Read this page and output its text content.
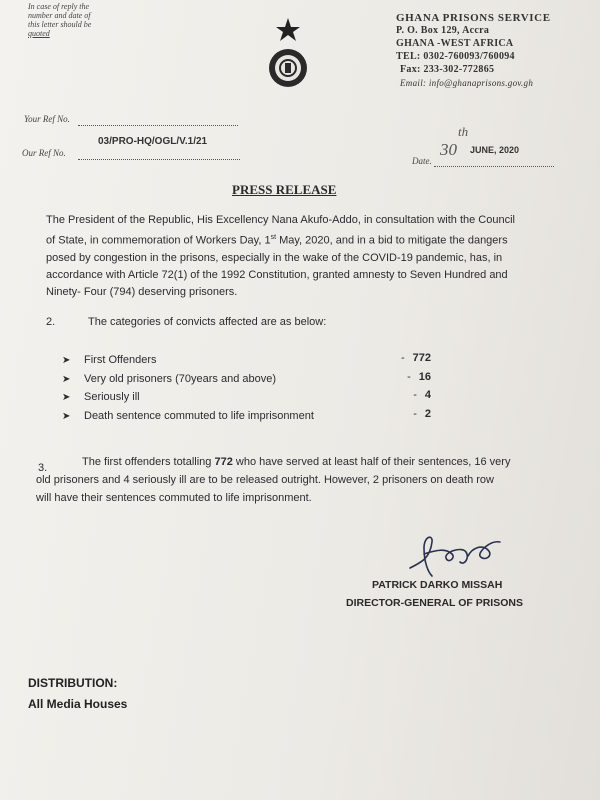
In case of reply the
number and date of
this letter should be
quoted
GHANA PRISONS SERVICE
P. O. Box 129, Accra
GHANA -WEST AFRICA
TEL: 0302-760093/760094
Fax: 233-302-772865
Email: info@ghanaprisons.gov.gh
Your Ref No.
03/PRO-HQ/OGL/V.1/21
Our Ref No.
Date.
30
th
JUNE, 2020
PRESS RELEASE
The President of the Republic, His Excellency Nana Akufo-Addo, in consultation with the Council
of State, in commemoration of Workers Day, 1st May, 2020, and in a bid to mitigate the dangers
posed by congestion in the prisons, especially in the wake of the COVID-19 pandemic, has, in
accordance with Article 72(1) of the 1992 Constitution, granted amnesty to Seven Hundred and
Ninety- Four (794) deserving prisoners.
2.	The categories of convicts affected are as below:
➤ First Offenders	- 772
➤ Very old prisoners (70years and above)	- 16
➤ Seriously ill	- 4
➤ Death sentence commuted to life imprisonment	- 2
3.	The first offenders totalling 772 who have served at least half of their sentences, 16 very
old prisoners and 4 seriously ill are to be released outright. However, 2 prisoners on death row
will have their sentences commuted to life imprisonment.
PATRICK DARKO MISSAH
DIRECTOR-GENERAL OF PRISONS
DISTRIBUTION:
All Media Houses
